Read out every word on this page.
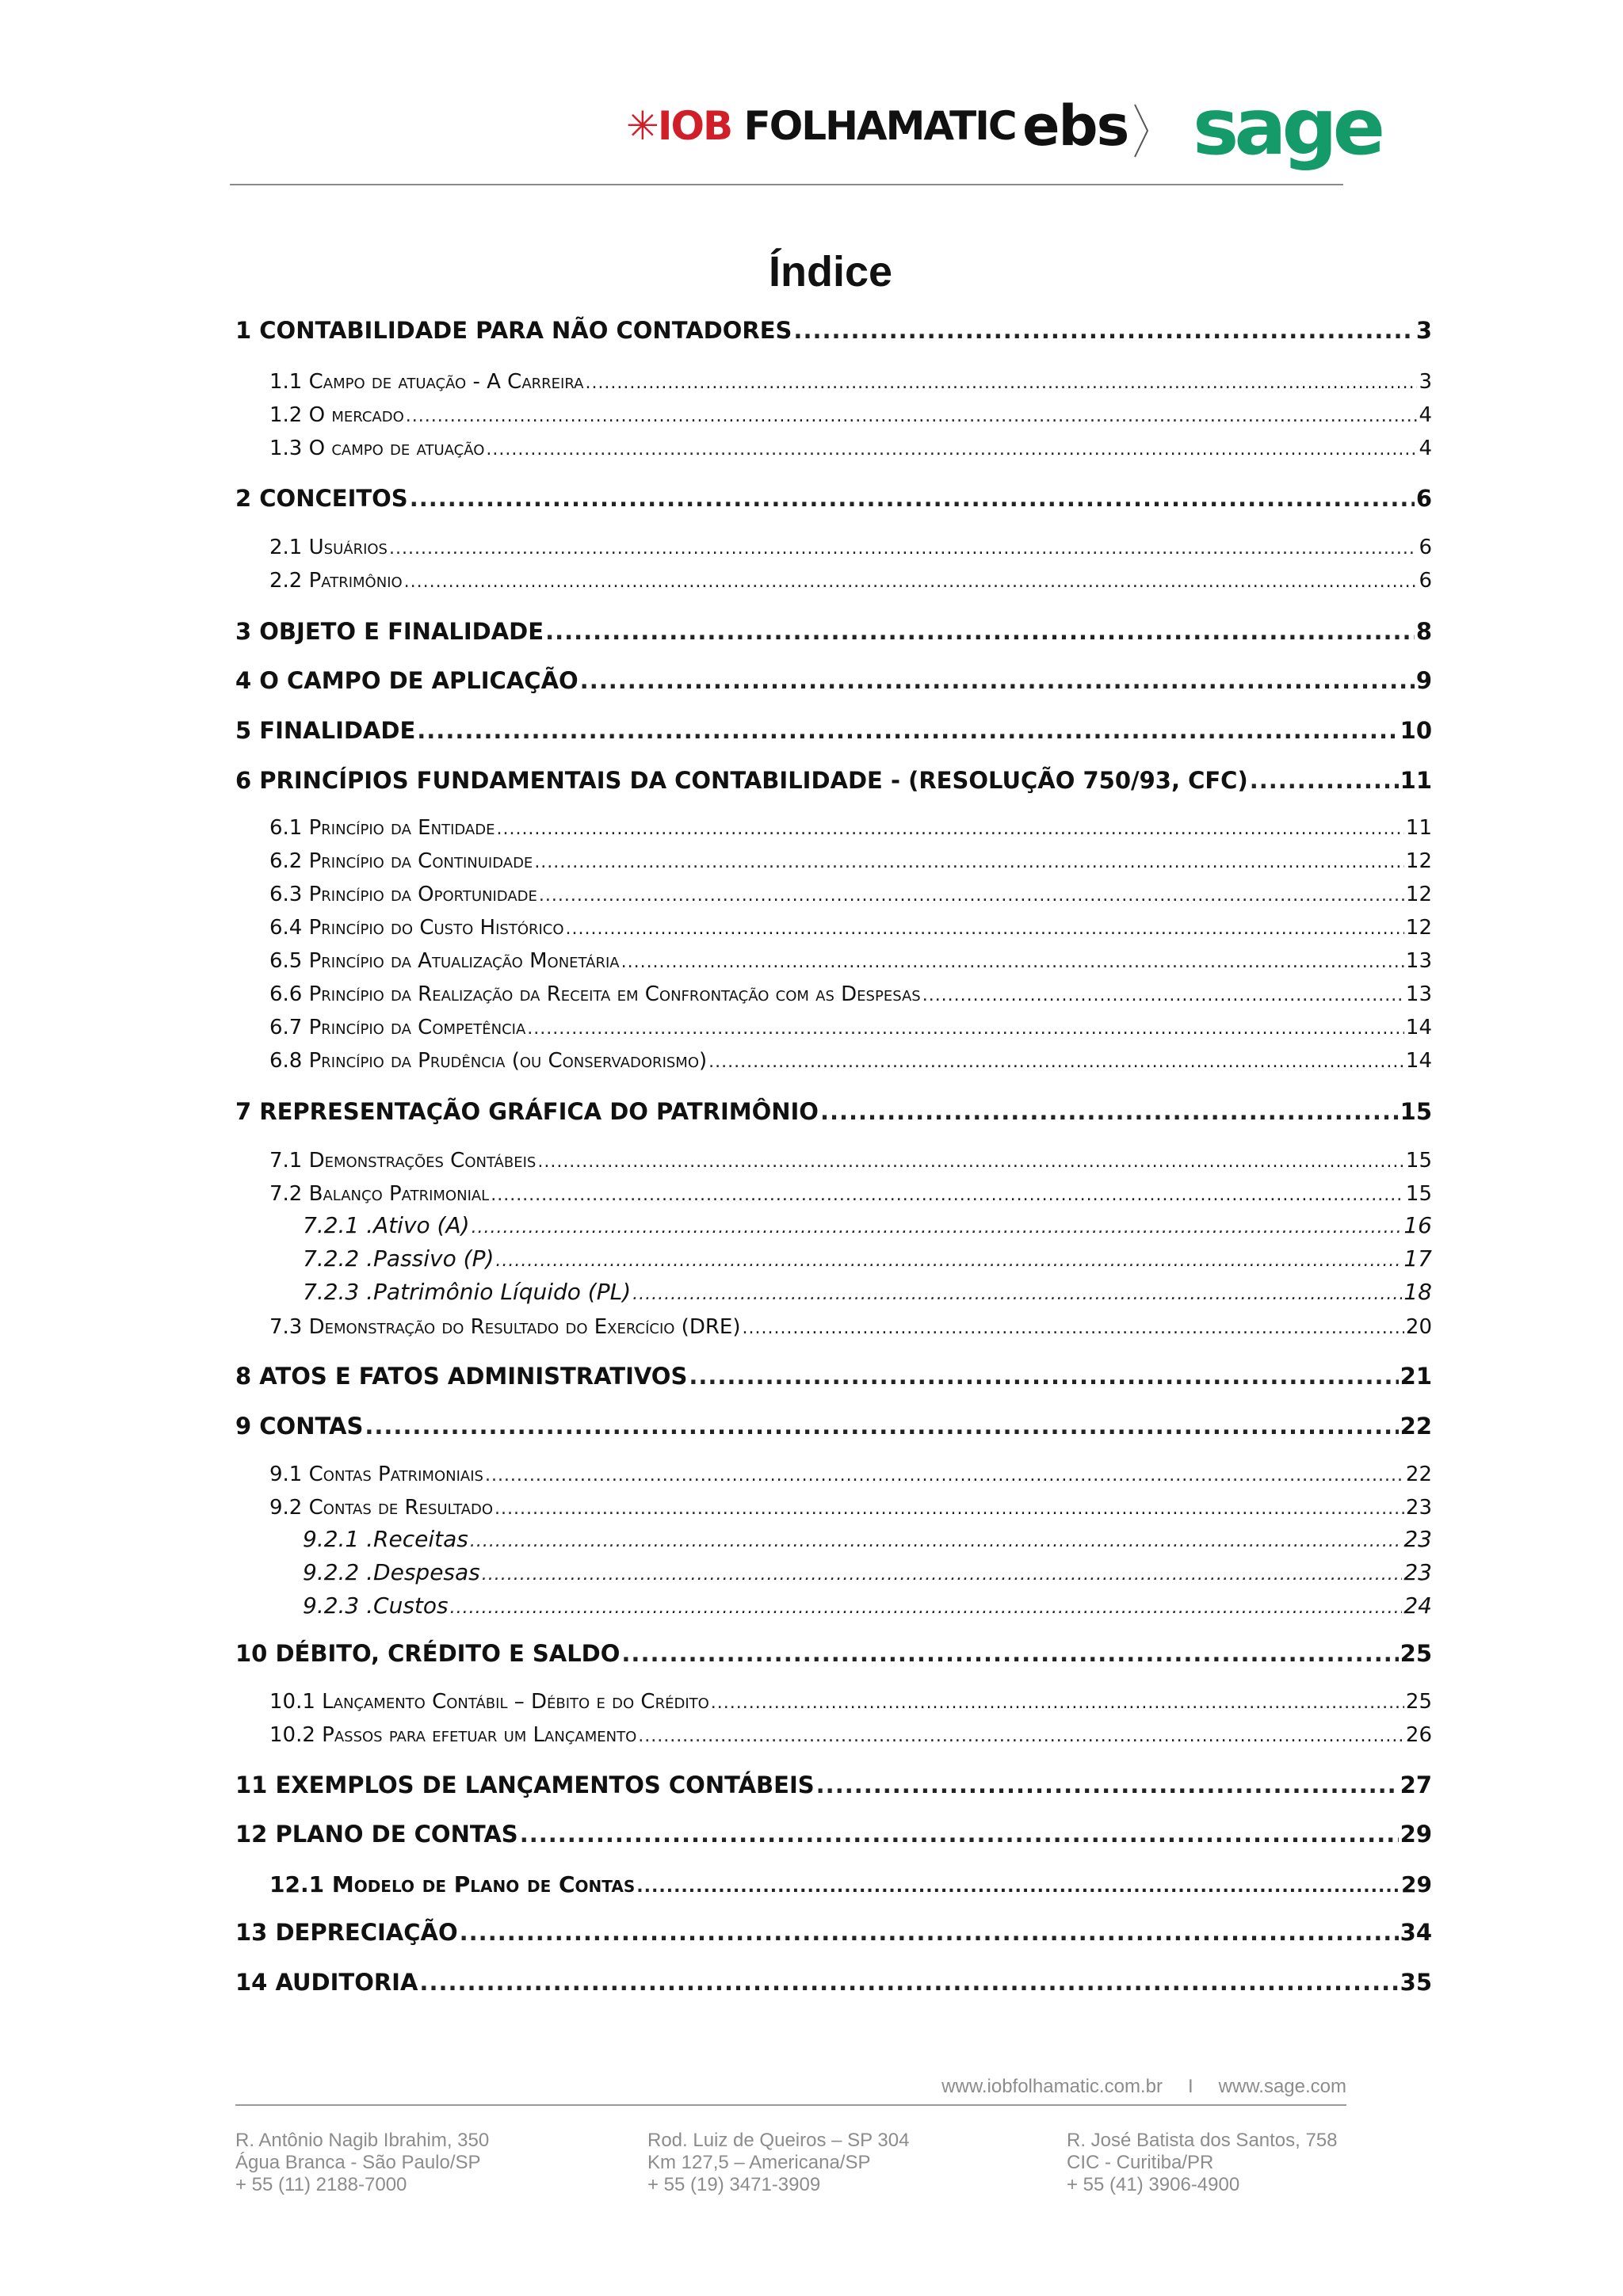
✳IOB FOLHAMATIC ebs sage
Índice
1 CONTABILIDADE PARA NÃO CONTADORES .....	3
1.1 Campo de atuação - A Carreira .....	3
1.2 O mercado .....	4
1.3 O campo de atuação .....	4
2 CONCEITOS .....	6
2.1 Usuários .....	6
2.2 Patrimônio .....	6
3 OBJETO E FINALIDADE .....	8
4 O CAMPO DE APLICAÇÃO .....	9
5 FINALIDADE .....	10
6 PRINCÍPIOS FUNDAMENTAIS DA CONTABILIDADE - (RESOLUÇÃO 750/93, CFC) .....	11
6.1 Princípio da Entidade .....	11
6.2 Princípio da Continuidade .....	12
6.3 Princípio da Oportunidade .....	12
6.4 Princípio do Custo Histórico .....	12
6.5 Princípio da Atualização Monetária .....	13
6.6 Princípio da Realização da Receita em Confrontação com as Despesas .....	13
6.7 Princípio da Competência .....	14
6.8 Princípio da Prudência (ou Conservadorismo) .....	14
7 REPRESENTAÇÃO GRÁFICA DO PATRIMÔNIO .....	15
7.1 Demonstrações Contábeis .....	15
7.2 Balanço Patrimonial .....	15
7.2.1 .Ativo (A) .....	16
7.2.2 .Passivo (P) .....	17
7.2.3 .Patrimônio Líquido (PL) .....	18
7.3 Demonstração do Resultado do Exercício (DRE) .....	20
8 ATOS E FATOS ADMINISTRATIVOS .....	21
9 CONTAS .....	22
9.1 Contas Patrimoniais .....	22
9.2 Contas de Resultado .....	23
9.2.1 .Receitas .....	23
9.2.2 .Despesas .....	23
9.2.3 .Custos .....	24
10 DÉBITO, CRÉDITO E SALDO .....	25
10.1 Lançamento Contábil – Débito e do Crédito .....	25
10.2 Passos para efetuar um Lançamento .....	26
11 EXEMPLOS DE LANÇAMENTOS CONTÁBEIS .....	27
12 PLANO DE CONTAS .....	29
12.1 Modelo de Plano de Contas .....	29
13 DEPRECIAÇÃO .....	34
14 AUDITORIA .....	35
www.iobfolhamatic.com.br I www.sage.com
R. Antônio Nagib Ibrahim, 350
Água Branca - São Paulo/SP
+ 55 (11) 2188-7000
Rod. Luiz de Queiros – SP 304
Km 127,5 – Americana/SP
+ 55 (19) 3471-3909
R. José Batista dos Santos, 758
CIC - Curitiba/PR
+ 55 (41) 3906-4900
